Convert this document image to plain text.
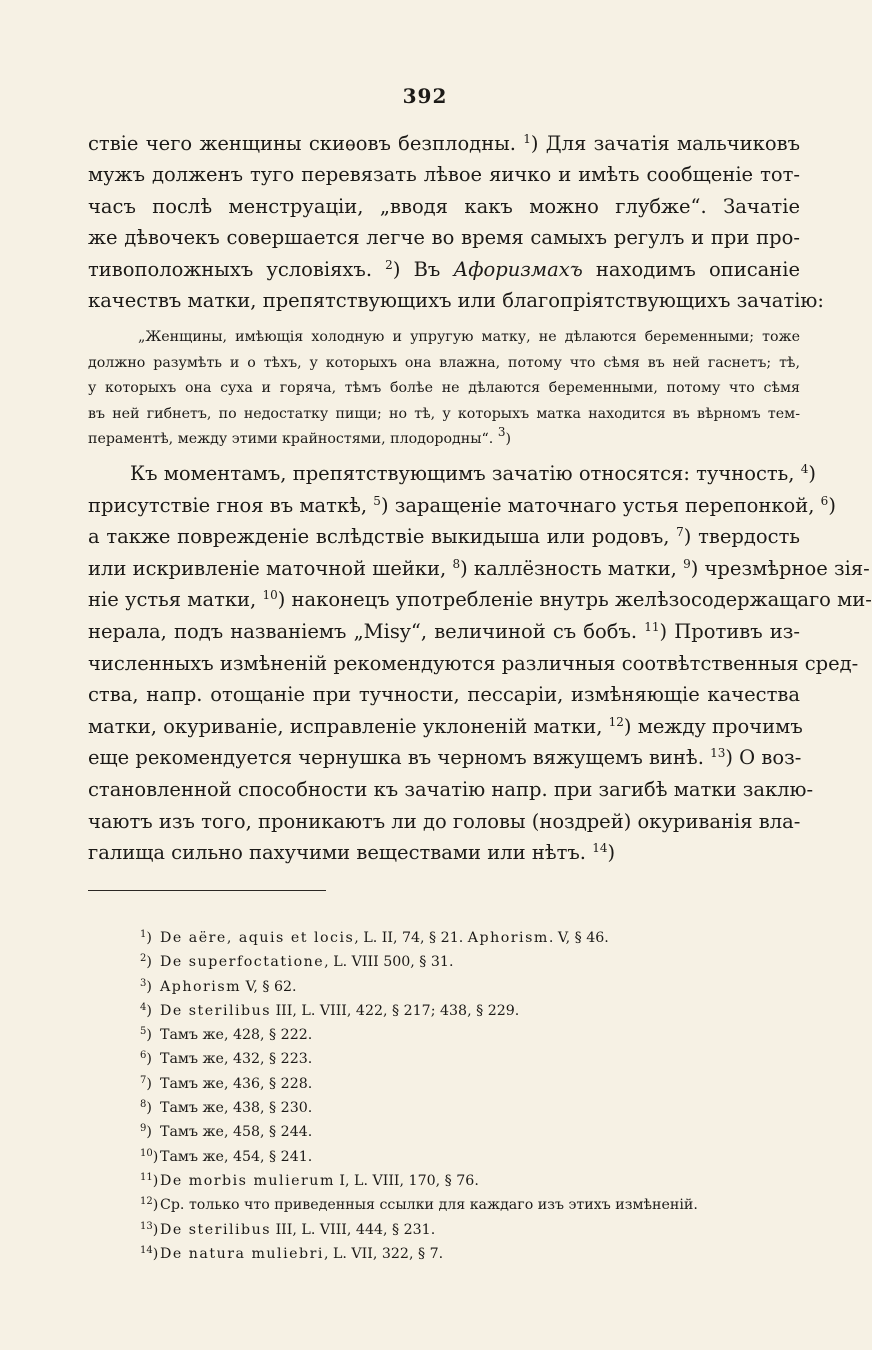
392
ствіе чего женщины скиѳовъ безплодны. $^1$) Для зачатія мальчиковъ
мужъ долженъ туго перевязать лѣвое яичко и имѣть сообщеніе тот-
часъ послѣ менструаціи, „вводя какъ можно глубже“. Зачатіе
же дѣвочекъ совершается легче во время самыхъ регулъ и при про-
тивоположныхъ условіяхъ. $^2$) Въ Афоризмахъ находимъ описаніе
качествъ матки, препятствующихъ или благопріятствующихъ зачатію:
„Женщины, имѣющія холодную и упругую матку, не дѣлаются беременными; тоже
должно разумѣть и о тѣхъ, у которыхъ она влажна, потому что сѣмя въ ней гаснетъ; тѣ,
у которыхъ она суха и горяча, тѣмъ болѣе не дѣлаются беременными, потому что сѣмя
въ ней гибнетъ, по недостатку пищи; но тѣ, у которыхъ матка находится въ вѣрномъ тем-
пераментѣ, между этими крайностями, плодородны“. $^3$)
Къ моментамъ, препятствующимъ зачатію относятся: тучность, $^4$)
присутствіе гноя въ маткѣ, $^5$) заращеніе маточнаго устья перепонкой, $^6$)
а также поврежденіе вслѣдствіе выкидыша или родовъ, $^7$) твердость
или искривленіе маточной шейки, $^8$) каллёзность матки, $^9$) чрезмѣрное зія-
ніе устья матки, $^{10}$) наконецъ употребленіе внутрь желѣзосодержащаго ми-
нерала, подъ названіемъ „Misy“, величиной съ бобъ. $^{11}$) Противъ из-
численныхъ измѣненій рекомендуются различныя соотвѣтственныя сред-
ства, напр. отощаніе при тучности, пессаріи, измѣняющіе качества
матки, окуриваніе, исправленіе уклоненій матки, $^{12}$) между прочимъ
еще рекомендуется чернушка въ черномъ вяжущемъ винѣ. $^{13}$) О воз-
становленной способности къ зачатію напр. при загибѣ матки заклю-
чаютъ изъ того, проникаютъ ли до головы (ноздрей) окуриванія вла-
галища сильно пахучими веществами или нѣтъ. $^{14}$)
$^1$)De aëre, aquis et locis, L. II, 74, § 21. Aphorism. V, § 46.
$^2$)De superfoctatione, L. VIII 500, § 31.
$^3$)Aphorism V, § 62.
$^4$)De sterilibus III, L. VIII, 422, § 217; 438, § 229.
$^5$)Тамъ же, 428, § 222.
$^6$)Тамъ же, 432, § 223.
$^7$)Тамъ же, 436, § 228.
$^8$)Тамъ же, 438, § 230.
$^9$)Тамъ же, 458, § 244.
$^{10}$)Тамъ же, 454, § 241.
$^{11}$)De morbis mulierum I, L. VIII, 170, § 76.
$^{12}$)Ср. только что приведенныя ссылки для каждаго изъ этихъ измѣненій.
$^{13}$)De sterilibus III, L. VIII, 444, § 231.
$^{14}$)De natura muliebri, L. VII, 322, § 7.
